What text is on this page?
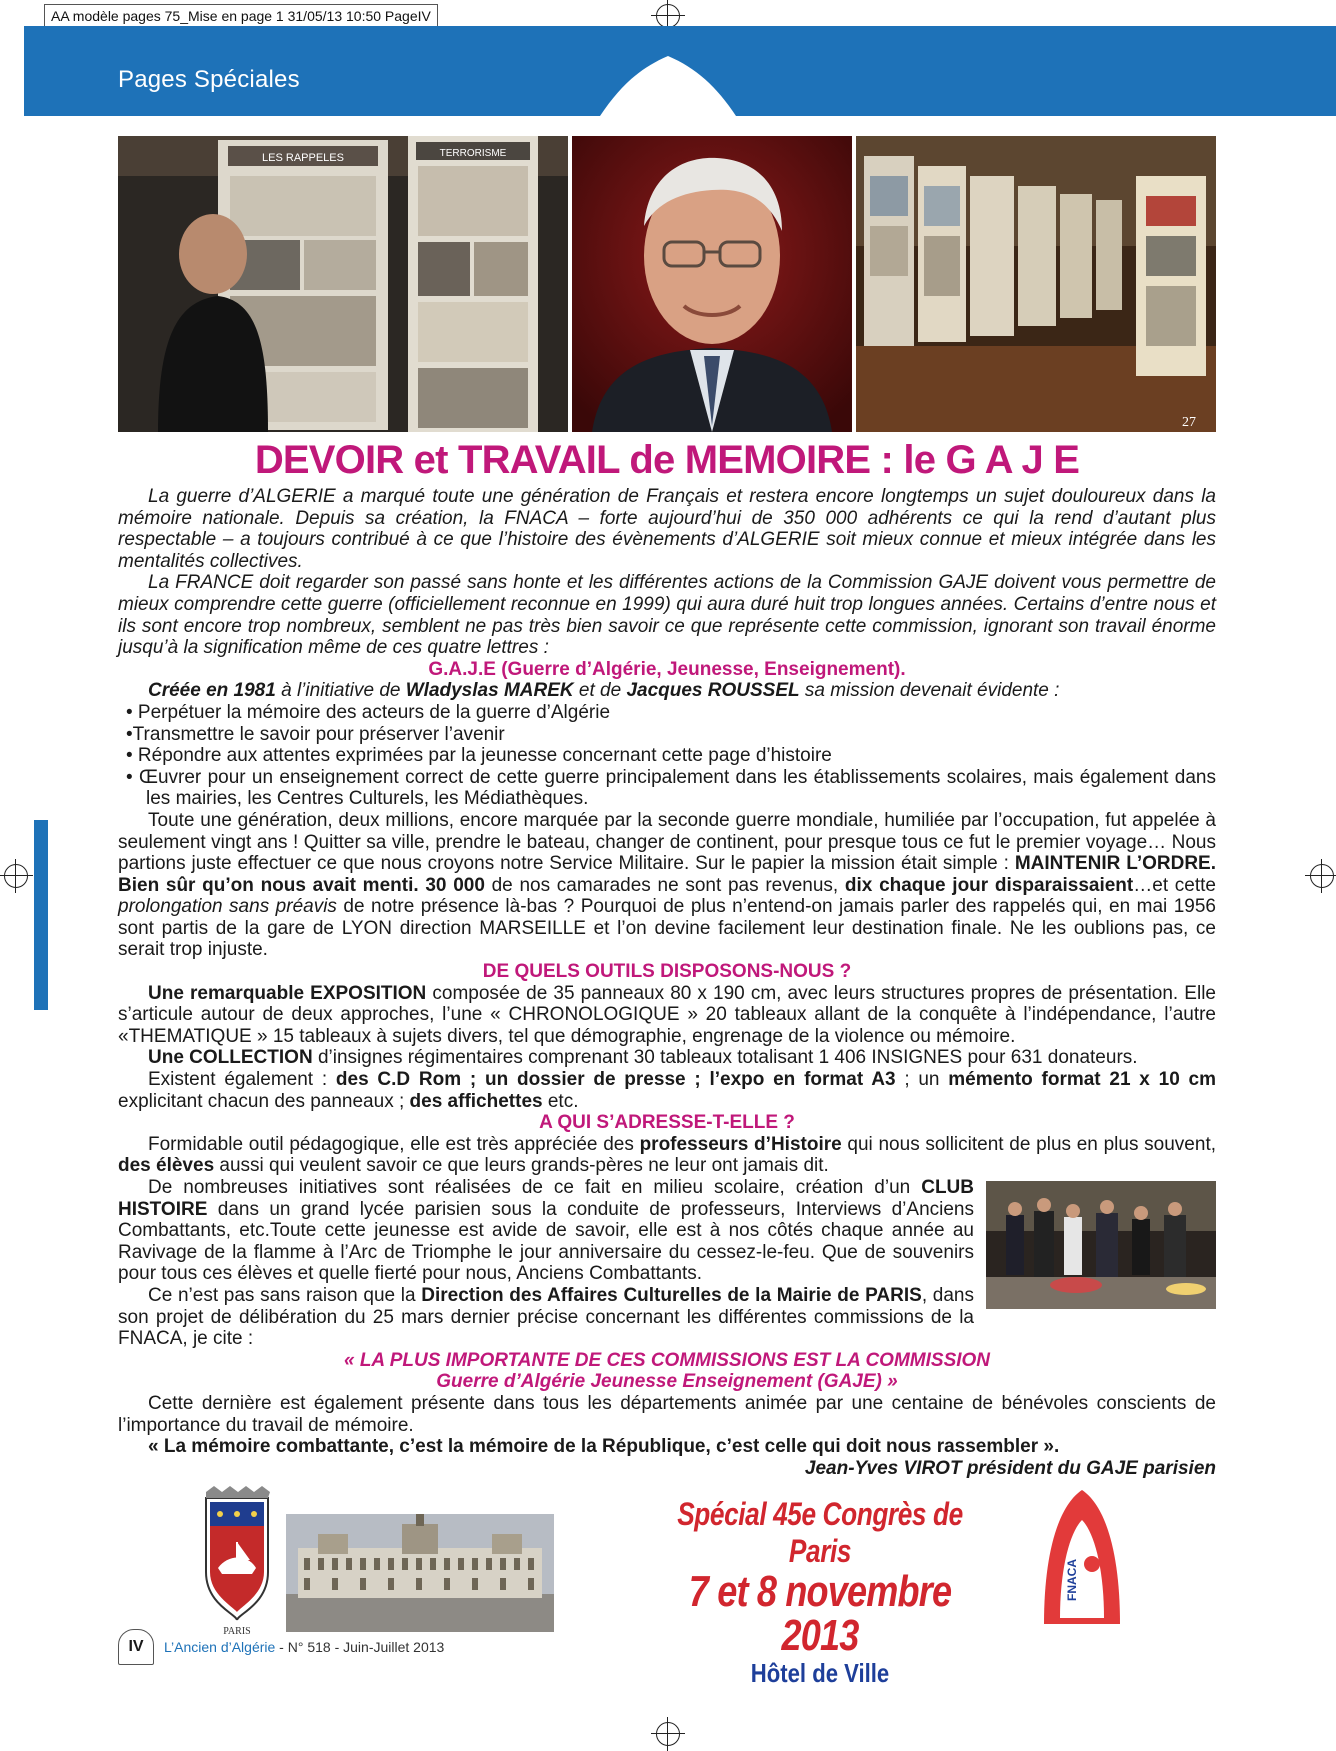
AA modèle pages 75_Mise en page 1 31/05/13 10:50 PageIV
Pages Spéciales
LES RAPPELES	TERRORISME
27
DEVOIR et TRAVAIL de MEMOIRE : le G A J E

La guerre d’ALGERIE a marqué toute une génération de Français et restera encore longtemps un sujet douloureux dans la mémoire nationale. Depuis sa création, la FNACA – forte aujourd’hui de 350 000 adhérents ce qui la rend d’autant plus respectable – a toujours contribué à ce que l’histoire des évènements d’ALGERIE soit mieux connue et mieux intégrée dans les mentalités collectives.

La FRANCE doit regarder son passé sans honte et les différentes actions de la Commission GAJE doivent vous permettre de mieux comprendre cette guerre (officiellement reconnue en 1999) qui aura duré huit trop longues années. Certains d’entre nous et ils sont encore trop nombreux, semblent ne pas très bien savoir ce que représente cette commission, ignorant son travail énorme jusqu’à la signification même de ces quatre lettres :

G.A.J.E (Guerre d’Algérie, Jeunesse, Enseignement).

Créée en 1981 à l’initiative de Wladyslas MAREK et de Jacques ROUSSEL sa mission devenait évidente :

• Perpétuer la mémoire des acteurs de la guerre d’Algérie

•Transmettre le savoir pour préserver l’avenir

• Répondre aux attentes exprimées par la jeunesse concernant cette page d’histoire

• Œuvrer pour un enseignement correct de cette guerre principalement dans les établissements scolaires, mais également dans les mairies, les Centres Culturels, les Médiathèques.

Toute une génération, deux millions, encore marquée par la seconde guerre mondiale, humiliée par l’occupation, fut appelée à seulement vingt ans ! Quitter sa ville, prendre le bateau, changer de continent, pour presque tous ce fut le premier voyage… Nous partions juste effectuer ce que nous croyons notre Service Militaire. Sur le papier la mission était simple : MAINTENIR L’ORDRE. Bien sûr qu’on nous avait menti. 30 000 de nos camarades ne sont pas revenus, dix chaque jour disparaissaient…et cette prolongation sans préavis de notre présence là-bas ? Pourquoi de plus n’entend-on jamais parler des rappelés qui, en mai 1956 sont partis de la gare de LYON direction MARSEILLE et l’on devine facilement leur destination finale. Ne les oublions pas, ce serait trop injuste.

DE QUELS OUTILS DISPOSONS-NOUS ?

Une remarquable EXPOSITION composée de 35 panneaux 80 x 190 cm, avec leurs structures propres de présentation. Elle s’articule autour de deux approches, l’une « CHRONOLOGIQUE » 20 tableaux allant de la conquête à l’indépendance, l’autre «THEMATIQUE » 15 tableaux à sujets divers, tel que démographie, engrenage de la violence ou mémoire.

Une COLLECTION d’insignes régimentaires comprenant 30 tableaux totalisant 1 406 INSIGNES pour 631 donateurs.

Existent également : des C.D Rom ; un dossier de presse ; l’expo en format A3 ; un mémento format 21 x 10 cm explicitant chacun des panneaux ; des affichettes etc.

A QUI S’ADRESSE-T-ELLE ?

Formidable outil pédagogique, elle est très appréciée des professeurs d’Histoire qui nous sollicitent de plus en plus souvent, des élèves aussi qui veulent savoir ce que leurs grands-pères ne leur ont jamais dit.

De nombreuses initiatives sont réalisées de ce fait en milieu scolaire, création d’un CLUB HISTOIRE dans un grand lycée parisien sous la conduite de professeurs, Interviews d’Anciens Combattants, etc.Toute cette jeunesse est avide de savoir, elle est à nos côtés chaque année au Ravivage de la flamme à l’Arc de Triomphe le jour anniversaire du cessez-le-feu. Que de souvenirs pour tous ces élèves et quelle fierté pour nous, Anciens Combattants.

Ce n’est pas sans raison que la Direction des Affaires Culturelles de la Mairie de PARIS, dans son projet de délibération du 25 mars dernier précise concernant les différentes commissions de la FNACA, je cite :

« LA PLUS IMPORTANTE DE CES COMMISSIONS EST LA COMMISSION

Guerre d’Algérie Jeunesse Enseignement (GAJE) »

Cette dernière est également présente dans tous les départements animée par une centaine de bénévoles conscients de l’importance du travail de mémoire.

« La mémoire combattante, c’est la mémoire de la République, c’est celle qui doit nous rassembler ».

Jean-Yves VIROT président du GAJE parisien

PARIS
FNACA
Spécial 45e Congrès de Paris
7 et 8 novembre 2013
Hôtel de Ville
IV	L’Ancien d’Algérie - N° 518 - Juin-Juillet 2013
